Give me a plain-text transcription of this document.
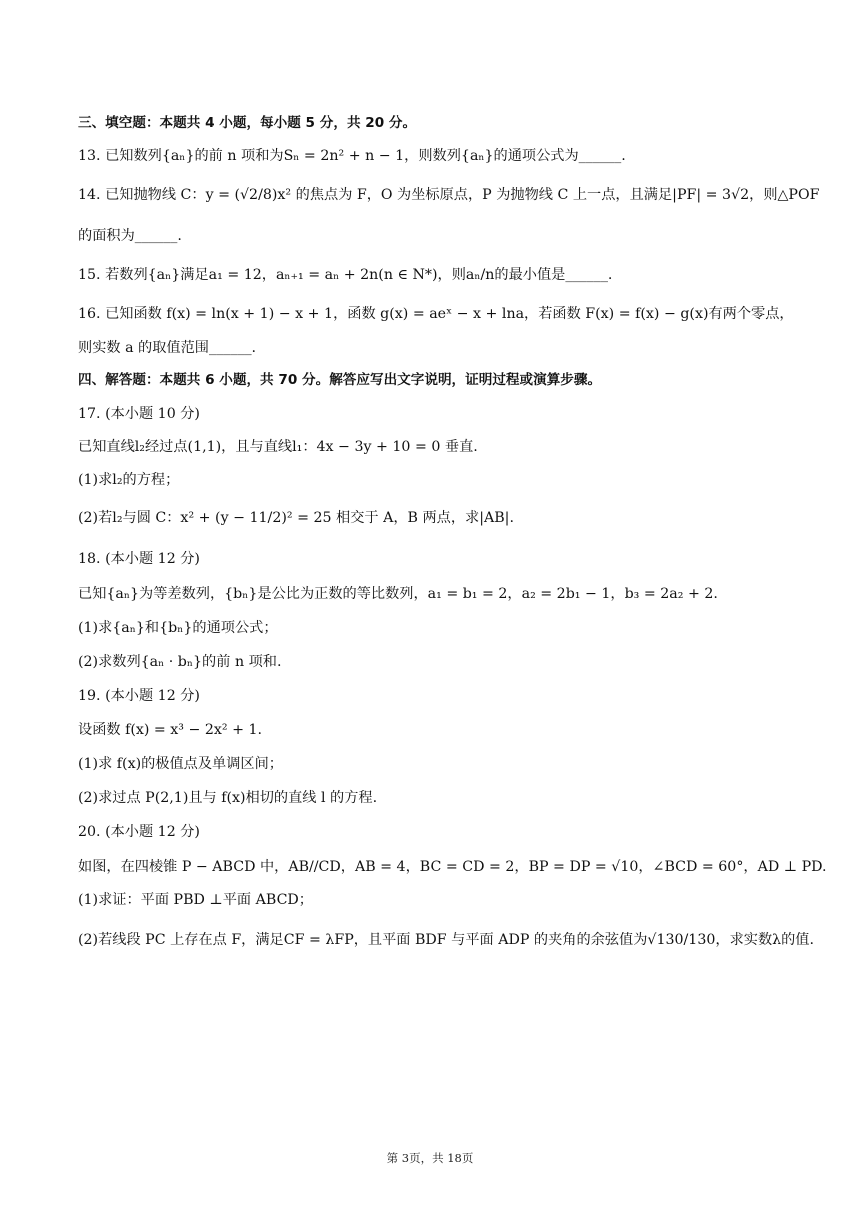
三、填空题：本题共 4 小题，每小题 5 分，共 20 分。
13. 已知数列{aₙ}的前 n 项和为Sₙ = 2n² + n − 1，则数列{aₙ}的通项公式为______.
14. 已知抛物线 C：y = (√2/8)x² 的焦点为 F，O 为坐标原点，P 为抛物线 C 上一点，且满足|PF| = 3√2，则△POF
的面积为______.
15. 若数列{aₙ}满足a₁ = 12，aₙ₊₁ = aₙ + 2n(n ∈ N*)，则aₙ/n的最小值是______.
16. 已知函数 f(x) = ln(x + 1) − x + 1，函数 g(x) = aeˣ − x + lna，若函数 F(x) = f(x) − g(x)有两个零点，
则实数 a 的取值范围______.
四、解答题：本题共 6 小题，共 70 分。解答应写出文字说明，证明过程或演算步骤。
17. (本小题 10 分)
已知直线l₂经过点(1,1)，且与直线l₁：4x − 3y + 10 = 0 垂直.
(1)求l₂的方程；
(2)若l₂与圆 C：x² + (y − 11/2)² = 25 相交于 A，B 两点，求|AB|.
18. (本小题 12 分)
已知{aₙ}为等差数列，{bₙ}是公比为正数的等比数列，a₁ = b₁ = 2，a₂ = 2b₁ − 1，b₃ = 2a₂ + 2.
(1)求{aₙ}和{bₙ}的通项公式；
(2)求数列{aₙ · bₙ}的前 n 项和.
19. (本小题 12 分)
设函数 f(x) = x³ − 2x² + 1.
(1)求 f(x)的极值点及单调区间；
(2)求过点 P(2,1)且与 f(x)相切的直线 l 的方程.
20. (本小题 12 分)
如图，在四棱锥 P − ABCD 中，AB//CD，AB = 4，BC = CD = 2，BP = DP = √10，∠BCD = 60°，AD ⊥ PD.
(1)求证：平面 PBD ⊥平面 ABCD；
(2)若线段 PC 上存在点 F，满足CF = λFP，且平面 BDF 与平面 ADP 的夹角的余弦值为√130/130，求实数λ的值.
第 3页，共 18页
